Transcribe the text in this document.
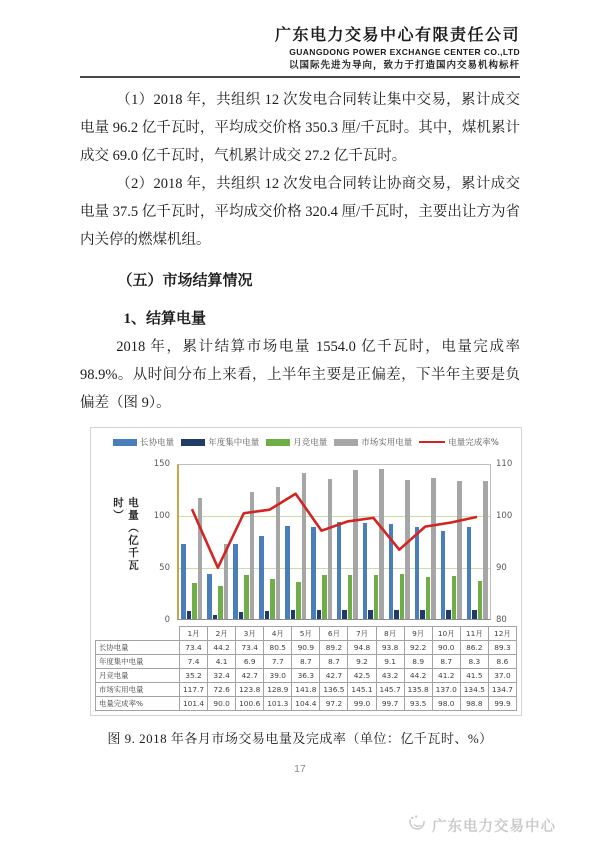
广东电力交易中心有限责任公司
GUANGDONG POWER EXCHANGE CENTER CO.,LTD
以国际先进为导向，致力于打造国内交易机构标杆

（1）2018 年，共组织 12 次发电合同转让集中交易，累计成交电量 96.2 亿千瓦时，平均成交价格 350.3 厘/千瓦时。其中，煤机累计成交 69.0 亿千瓦时，气机累计成交 27.2 亿千瓦时。

（2）2018 年，共组织 12 次发电合同转让协商交易，累计成交电量 37.5 亿千瓦时，平均成交价格 320.4 厘/千瓦时，主要出让方为省内关停的燃煤机组。

（五）市场结算情况
1、结算电量

2018 年，累计结算市场电量 1554.0 亿千瓦时，电量完成率 98.9%。从时间分布上来看，上半年主要是正偏差，下半年主要是负偏差（图 9）。

长协电量	年度集中电量	月竞电量	市场实用电量	电量完成率%
电量（亿千瓦时）
0
50
100
150
80
90
100
110
	1月	2月	3月	4月	5月	6月	7月	8月	9月	10月	11月	12月
长协电量	73.4	44.2	73.4	80.5	90.9	89.2	94.8	93.8	92.2	90.0	86.2	89.3
年度集中电量	7.4	4.1	6.9	7.7	8.7	8.7	9.2	9.1	8.9	8.7	8.3	8.6
月竞电量	35.2	32.4	42.7	39.0	36.3	42.7	42.5	43.2	44.2	41.2	41.5	37.0
市场实用电量	117.7	72.6	123.8	128.9	141.8	136.5	145.1	145.7	135.8	137.0	134.5	134.7
电量完成率%	101.4	90.0	100.6	101.3	104.4	97.2	99.0	99.7	93.5	98.0	98.8	99.9
图 9. 2018 年各月市场交易电量及完成率（单位：亿千瓦时、%）
17
广东电力交易中心
